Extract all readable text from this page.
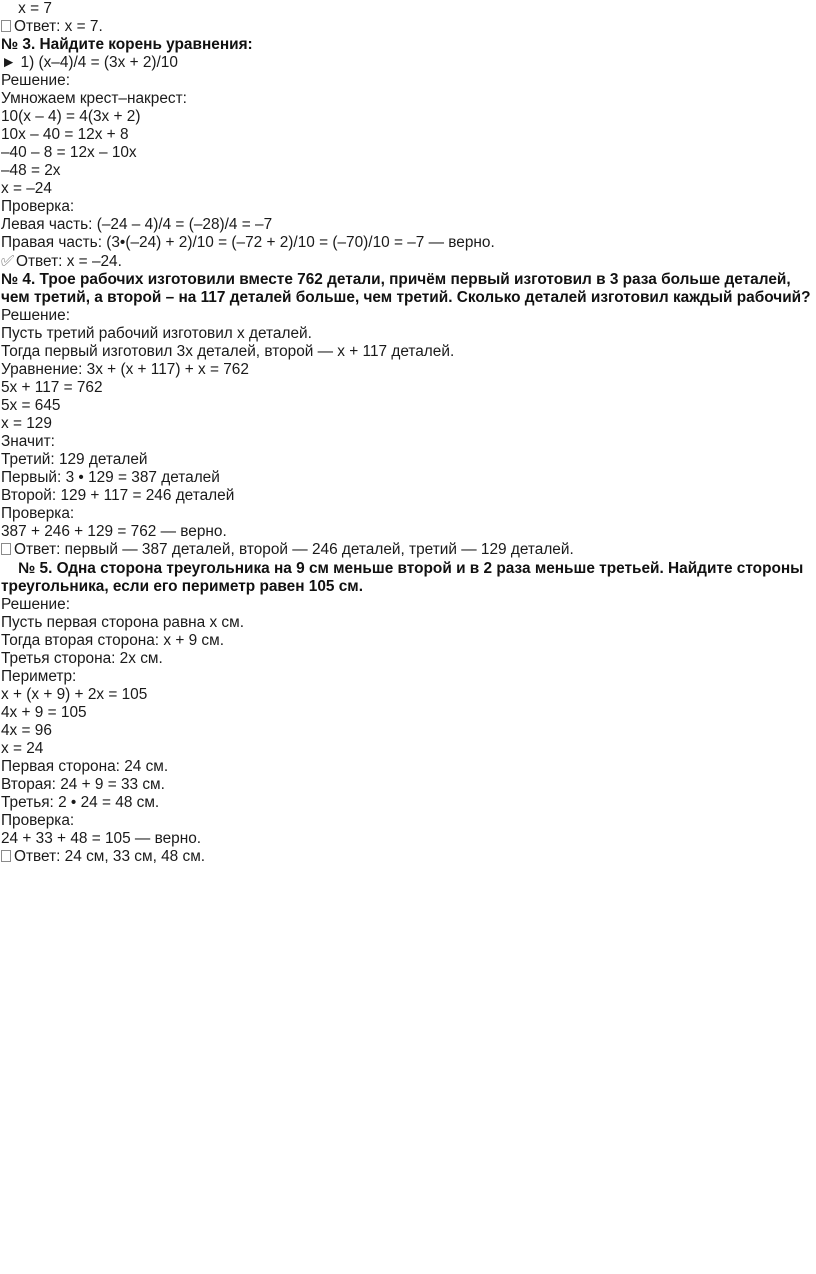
x = 7
Ответ: x = 7.
№ 3. Найдите корень уравнения:
► 1) (x–4)/4 = (3x + 2)/10
Решение:
Умножаем крест–накрест:
10(x – 4) = 4(3x + 2)
10x – 40 = 12x + 8
–40 – 8 = 12x – 10x
–48 = 2x
x = –24
Проверка:
Левая часть: (–24 – 4)/4 = (–28)/4 = –7
Правая часть: (3•(–24) + 2)/10 = (–72 + 2)/10 = (–70)/10 = –7 — верно.
✅︎ Ответ: x = –24.
№ 4. Трое рабочих изготовили вместе 762 детали, причём первый изготовил в 3 раза больше деталей, чем третий, а второй – на 117 деталей больше, чем третий. Сколько деталей изготовил каждый рабочий?
Решение:
Пусть третий рабочий изготовил x деталей.
Тогда первый изготовил 3x деталей, второй — x + 117 деталей.
Уравнение: 3x + (x + 117) + x = 762
5x + 117 = 762
5x = 645
x = 129
Значит:
Третий: 129 деталей
Первый: 3 • 129 = 387 деталей
Второй: 129 + 117 = 246 деталей
Проверка:
387 + 246 + 129 = 762 — верно.
Ответ: первый — 387 деталей, второй — 246 деталей, третий — 129 деталей.
№ 5. Одна сторона треугольника на 9 см меньше второй и в 2 раза меньше третьей. Найдите стороны треугольника, если его периметр равен 105 см.
Решение:
Пусть первая сторона равна x см.
Тогда вторая сторона: x + 9 см.
Третья сторона: 2x см.
Периметр:
x + (x + 9) + 2x = 105
4x + 9 = 105
4x = 96
x = 24
Первая сторона: 24 см.
Вторая: 24 + 9 = 33 см.
Третья: 2 • 24 = 48 см.
Проверка:
24 + 33 + 48 = 105 — верно.
Ответ: 24 см, 33 см, 48 см.
